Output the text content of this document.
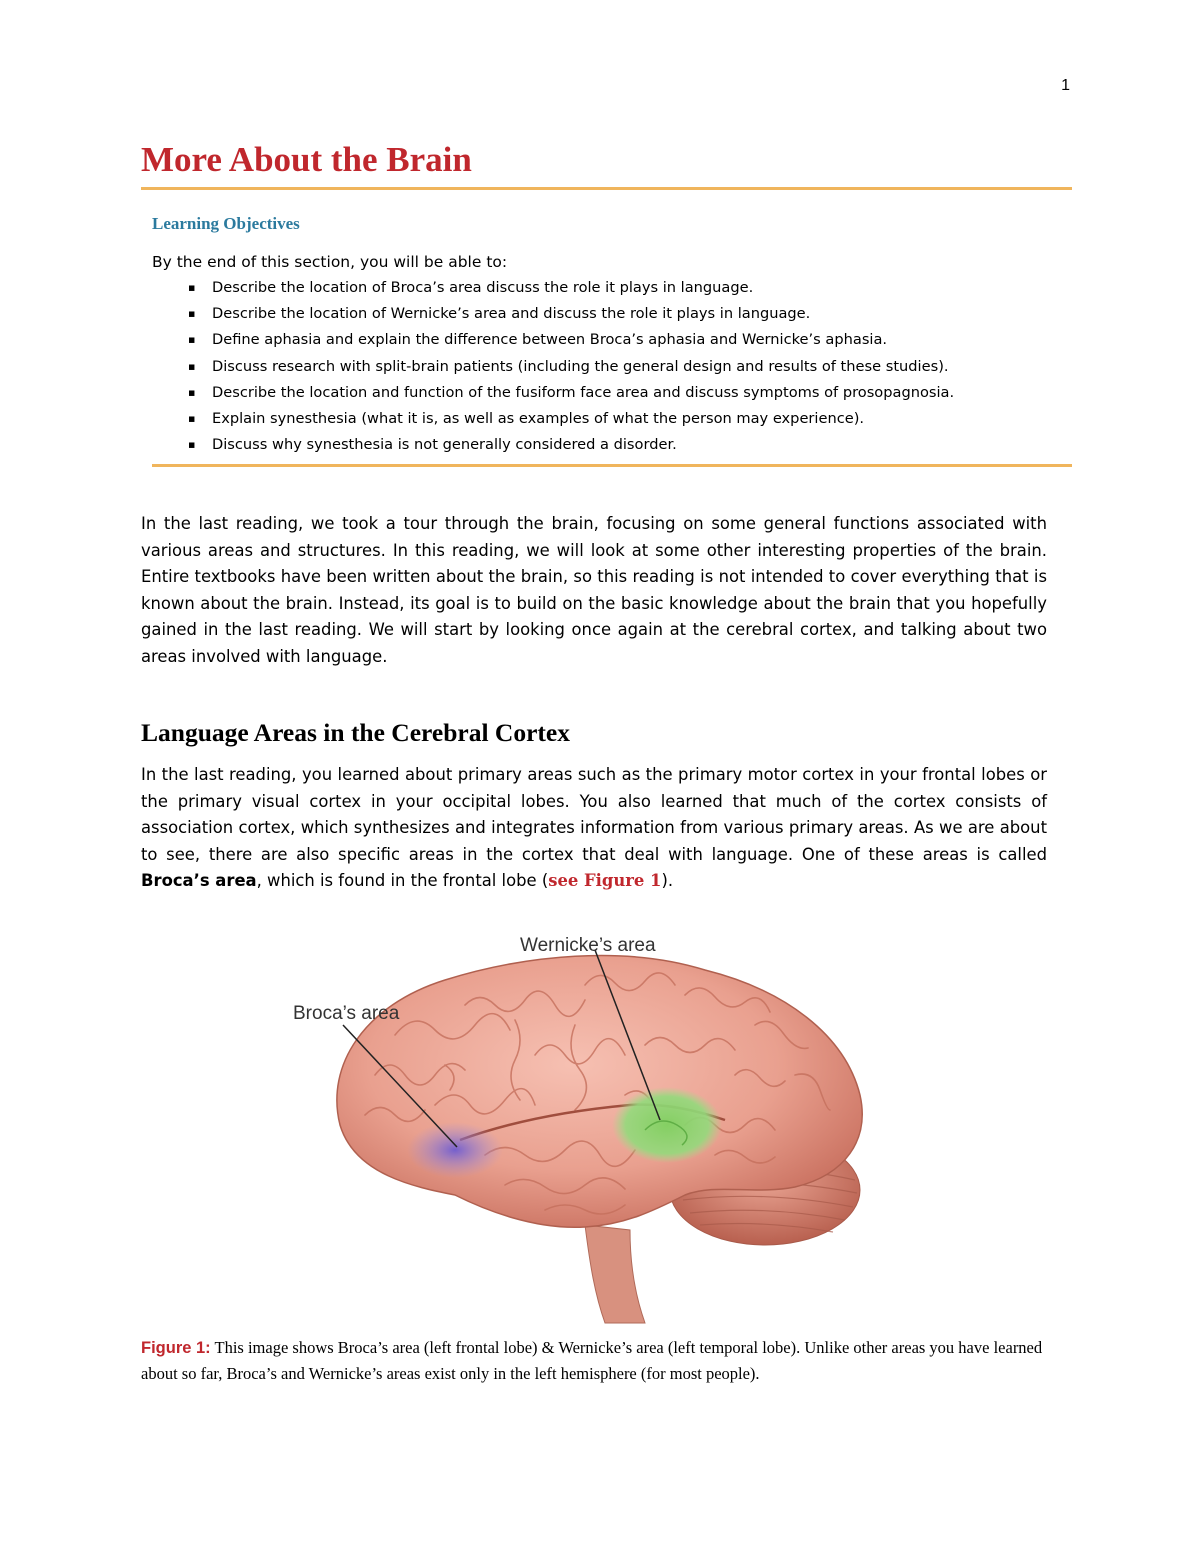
1
More About the Brain
Learning Objectives
By the end of this section, you will be able to:
▪ Describe the location of Broca’s area discuss the role it plays in language.
▪ Describe the location of Wernicke’s area and discuss the role it plays in language.
▪ Define aphasia and explain the difference between Broca’s aphasia and Wernicke’s aphasia.
▪ Discuss research with split-brain patients (including the general design and results of these studies).
▪ Describe the location and function of the fusiform face area and discuss symptoms of prosopagnosia.
▪ Explain synesthesia (what it is, as well as examples of what the person may experience).
▪ Discuss why synesthesia is not generally considered a disorder.

In the last reading, we took a tour through the brain, focusing on some general functions associated with various areas and structures. In this reading, we will look at some other interesting properties of the brain. Entire textbooks have been written about the brain, so this reading is not intended to cover everything that is known about the brain. Instead, its goal is to build on the basic knowledge about the brain that you hopefully gained in the last reading. We will start by looking once again at the cerebral cortex, and talking about two areas involved with language.

Language Areas in the Cerebral Cortex

In the last reading, you learned about primary areas such as the primary motor cortex in your frontal lobes or the primary visual cortex in your occipital lobes. You also learned that much of the cortex consists of association cortex, which synthesizes and integrates information from various primary areas. As we are about to see, there are also specific areas in the cortex that deal with language. One of these areas is called Broca’s area, which is found in the frontal lobe (see Figure 1).

Wernicke’s area
Broca’s area

Figure 1: This image shows Broca’s area (left frontal lobe) & Wernicke’s area (left temporal lobe). Unlike other areas you have learned about so far, Broca’s and Wernicke’s areas exist only in the left hemisphere (for most people).
